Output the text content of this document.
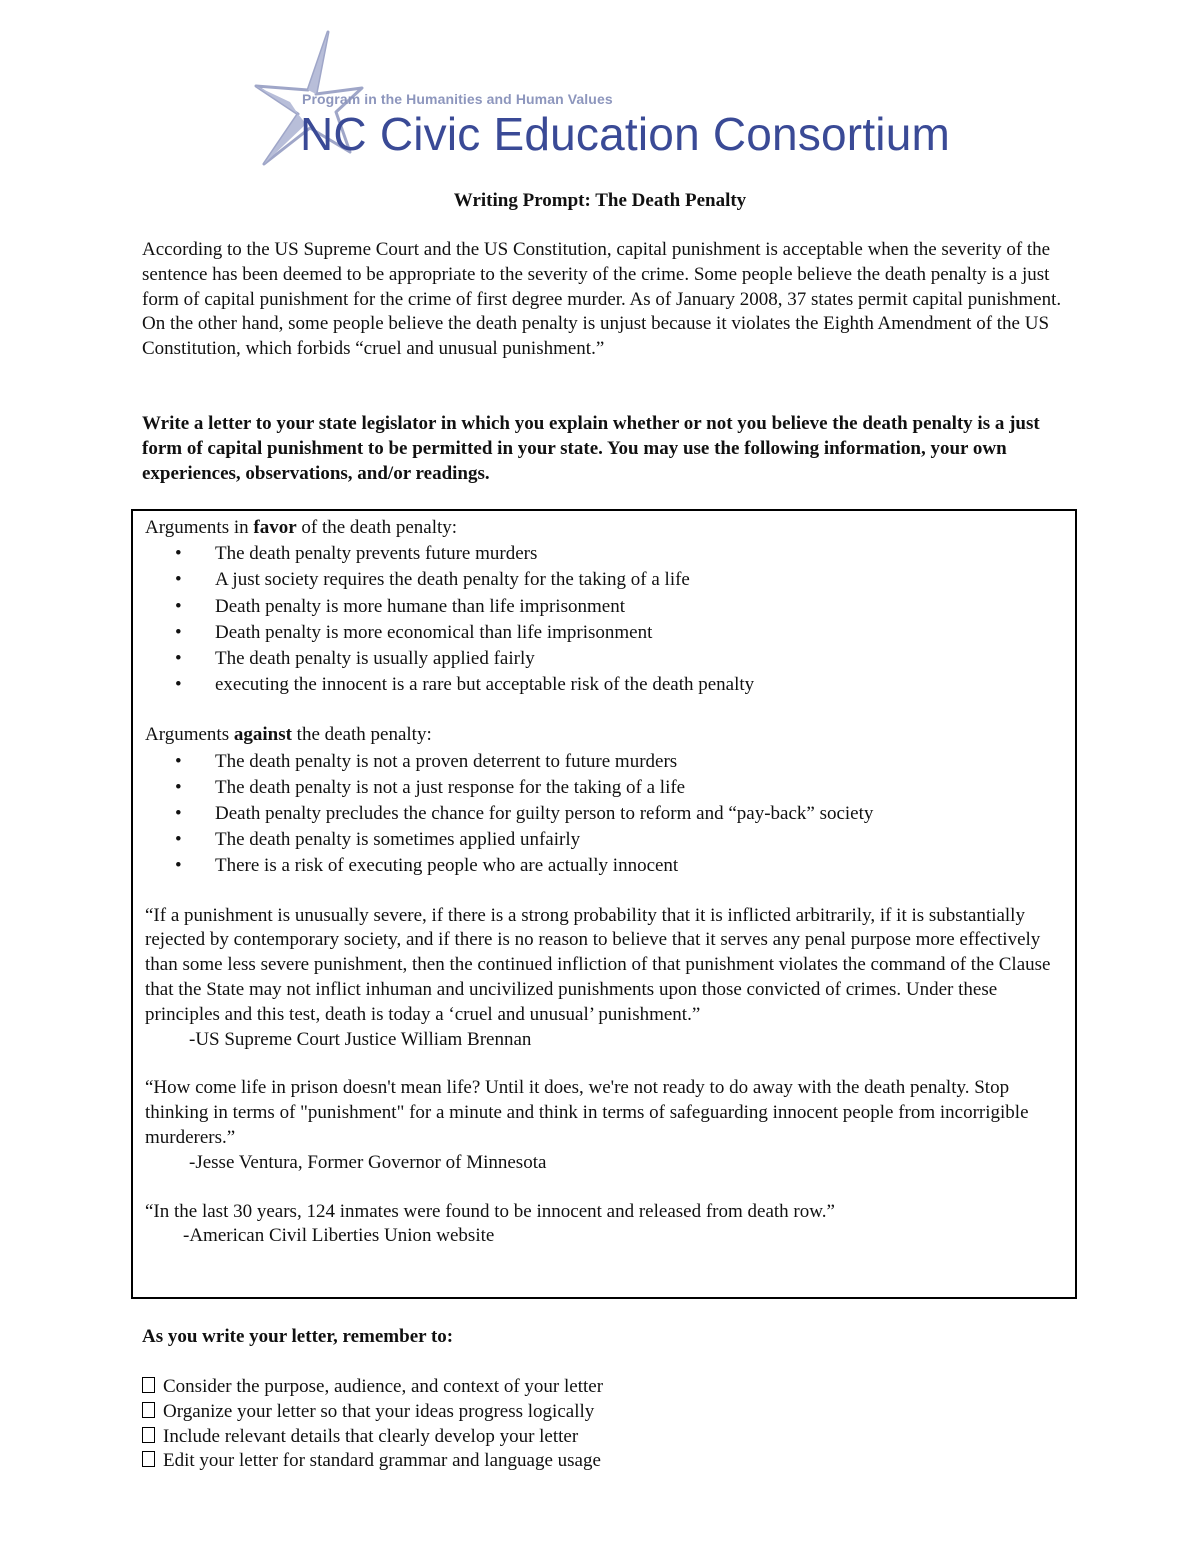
Program in the Humanities and Human Values
NC Civic Education Consortium
Writing Prompt: The Death Penalty
According to the US Supreme Court and the US Constitution, capital punishment is acceptable when the severity of the sentence has been deemed to be appropriate to the severity of the crime. Some people believe the death penalty is a just form of capital punishment for the crime of first degree murder. As of January 2008, 37 states permit capital punishment. On the other hand, some people believe the death penalty is unjust because it violates the Eighth Amendment of the US Constitution, which forbids “cruel and unusual punishment.”
Write a letter to your state legislator in which you explain whether or not you believe the death penalty is a just form of capital punishment to be permitted in your state. You may use the following information, your own experiences, observations, and/or readings.

Arguments in favor of the death penalty:

• The death penalty prevents future murders
• A just society requires the death penalty for the taking of a life
• Death penalty is more humane than life imprisonment
• Death penalty is more economical than life imprisonment
• The death penalty is usually applied fairly
• executing the innocent is a rare but acceptable risk of the death penalty

Arguments against the death penalty:

• The death penalty is not a proven deterrent to future murders
• The death penalty is not a just response for the taking of a life
• Death penalty precludes the chance for guilty person to reform and “pay-back” society
• The death penalty is sometimes applied unfairly
• There is a risk of executing people who are actually innocent

“If a punishment is unusually severe, if there is a strong probability that it is inflicted arbitrarily, if it is substantially rejected by contemporary society, and if there is no reason to believe that it serves any penal purpose more effectively than some less severe punishment, then the continued infliction of that punishment violates the command of the Clause that the State may not inflict inhuman and uncivilized punishments upon those convicted of crimes. Under these principles and this test, death is today a ‘cruel and unusual’ punishment.”

-US Supreme Court Justice William Brennan

“How come life in prison doesn't mean life? Until it does, we're not ready to do away with the death penalty. Stop thinking in terms of "punishment" for a minute and think in terms of safeguarding innocent people from incorrigible murderers.”

-Jesse Ventura, Former Governor of Minnesota

“In the last 30 years, 124 inmates were found to be innocent and released from death row.”

-American Civil Liberties Union website

As you write your letter, remember to:
Consider the purpose, audience, and context of your letter
Organize your letter so that your ideas progress logically
Include relevant details that clearly develop your letter
Edit your letter for standard grammar and language usage
